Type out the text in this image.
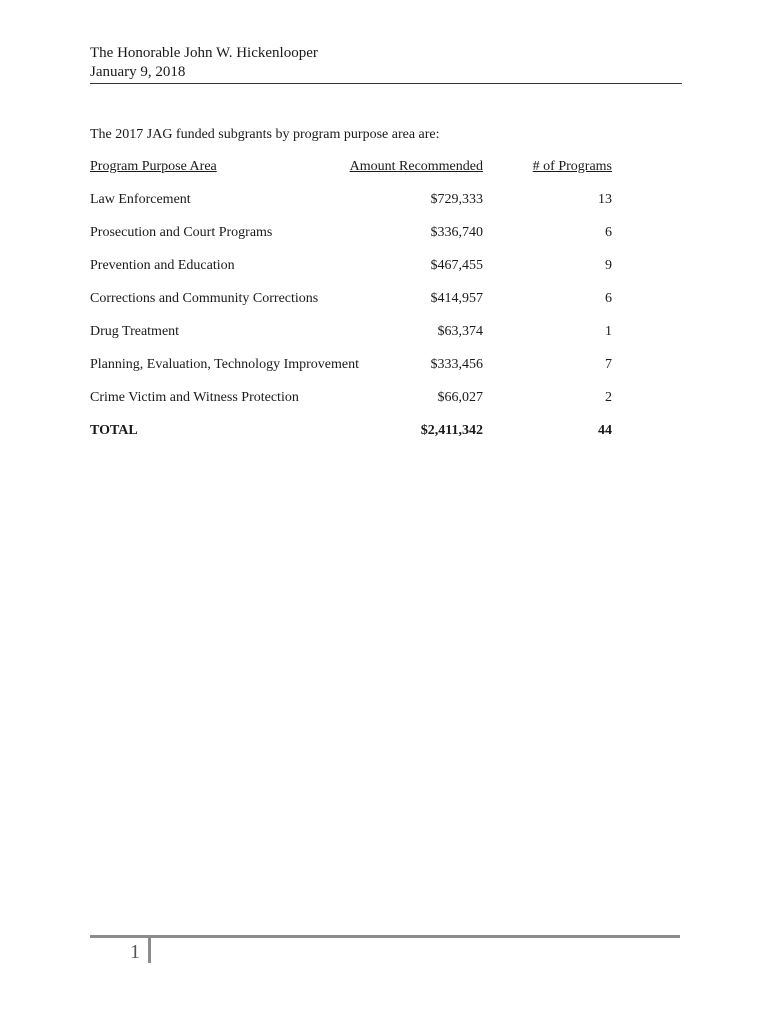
The Honorable John W. Hickenlooper
January 9, 2018
The 2017 JAG funded subgrants by program purpose area are:
Program Purpose Area	Amount Recommended	# of Programs
Law Enforcement	$729,333	13
Prosecution and Court Programs	$336,740	6
Prevention and Education	$467,455	9
Corrections and Community Corrections	$414,957	6
Drug Treatment	$63,374	1
Planning, Evaluation, Technology Improvement	$333,456	7
Crime Victim and Witness Protection	$66,027	2
TOTAL	$2,411,342	44
1
